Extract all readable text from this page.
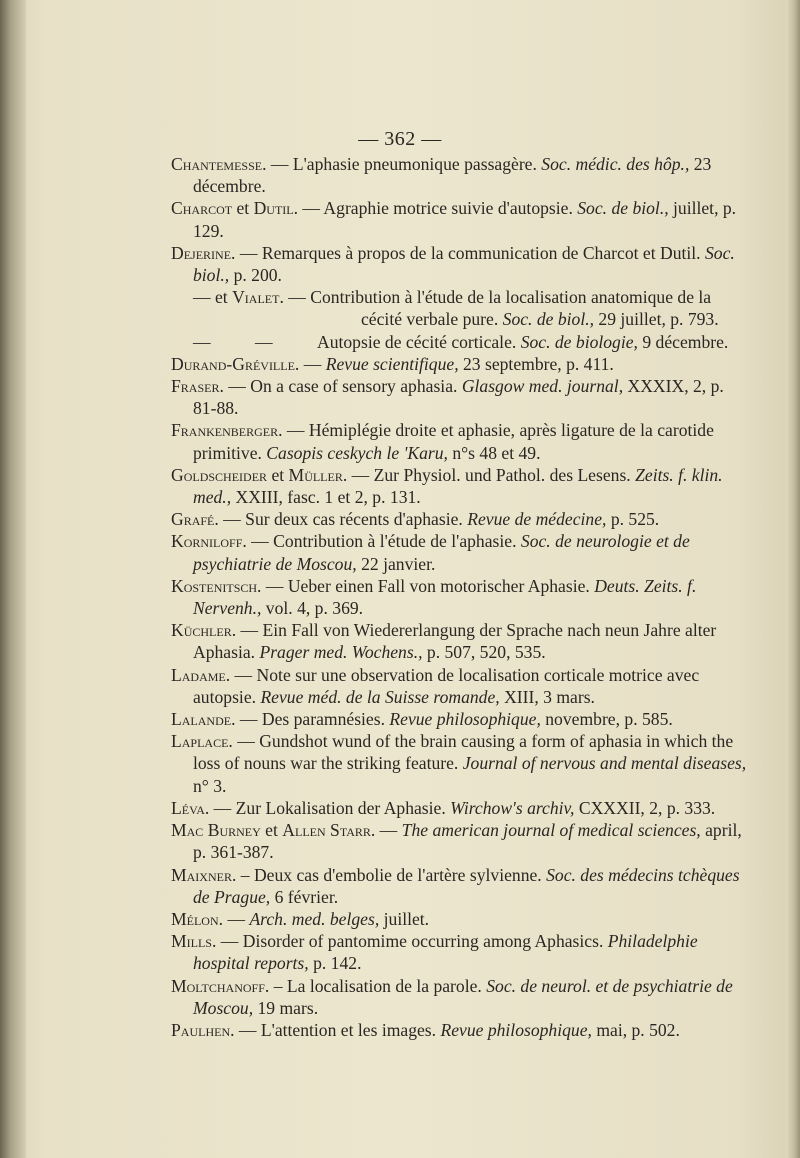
— 362 —

Chantemesse. — L'aphasie pneumonique passagère. Soc. médic. des hôp., 23 décembre.

Charcot et Dutil. — Agraphie motrice suivie d'autopsie. Soc. de biol., juillet, p. 129.

Dejerine. — Remarques à propos de la communication de Charcot et Dutil. Soc. biol., p. 200.

— et Vialet. — Contribution à l'étude de la localisation anatomique de la cécité verbale pure. Soc. de biol., 29 juillet, p. 793.

— — Autopsie de cécité corticale. Soc. de biologie, 9 décembre.

Durand-Gréville. — Revue scientifique, 23 septembre, p. 411.

Fraser. — On a case of sensory aphasia. Glasgow med. journal, XXXIX, 2, p. 81-88.

Frankenberger. — Hémiplégie droite et aphasie, après ligature de la carotide primitive. Casopis ceskych le 'Karu, n°s 48 et 49.

Goldscheider et Müller. — Zur Physiol. und Pathol. des Lesens. Zeits. f. klin. med., XXIII, fasc. 1 et 2, p. 131.

Grafé. — Sur deux cas récents d'aphasie. Revue de médecine, p. 525.

Korniloff. — Contribution à l'étude de l'aphasie. Soc. de neurologie et de psychiatrie de Moscou, 22 janvier.

Kostenitsch. — Ueber einen Fall von motorischer Aphasie. Deuts. Zeits. f. Nervenh., vol. 4, p. 369.

Küchler. — Ein Fall von Wiedererlangung der Sprache nach neun Jahre alter Aphasia. Prager med. Wochens., p. 507, 520, 535.

Ladame. — Note sur une observation de localisation corticale motrice avec autopsie. Revue méd. de la Suisse romande, XIII, 3 mars.

Lalande. — Des paramnésies. Revue philosophique, novembre, p. 585.

Laplace. — Gundshot wund of the brain causing a form of aphasia in which the loss of nouns war the striking feature. Journal of nervous and mental diseases, n° 3.

Léva. — Zur Lokalisation der Aphasie. Wirchow's archiv, CXXXII, 2, p. 333.

Mac Burney et Allen Starr. — The american journal of medical sciences, april, p. 361-387.

Maixner. – Deux cas d'embolie de l'artère sylvienne. Soc. des médecins tchèques de Prague, 6 février.

Mélon. — Arch. med. belges, juillet.

Mills. — Disorder of pantomime occurring among Aphasics. Philadelphie hospital reports, p. 142.

Moltchanoff. – La localisation de la parole. Soc. de neurol. et de psychiatrie de Moscou, 19 mars.

Paulhen. — L'attention et les images. Revue philosophique, mai, p. 502.
